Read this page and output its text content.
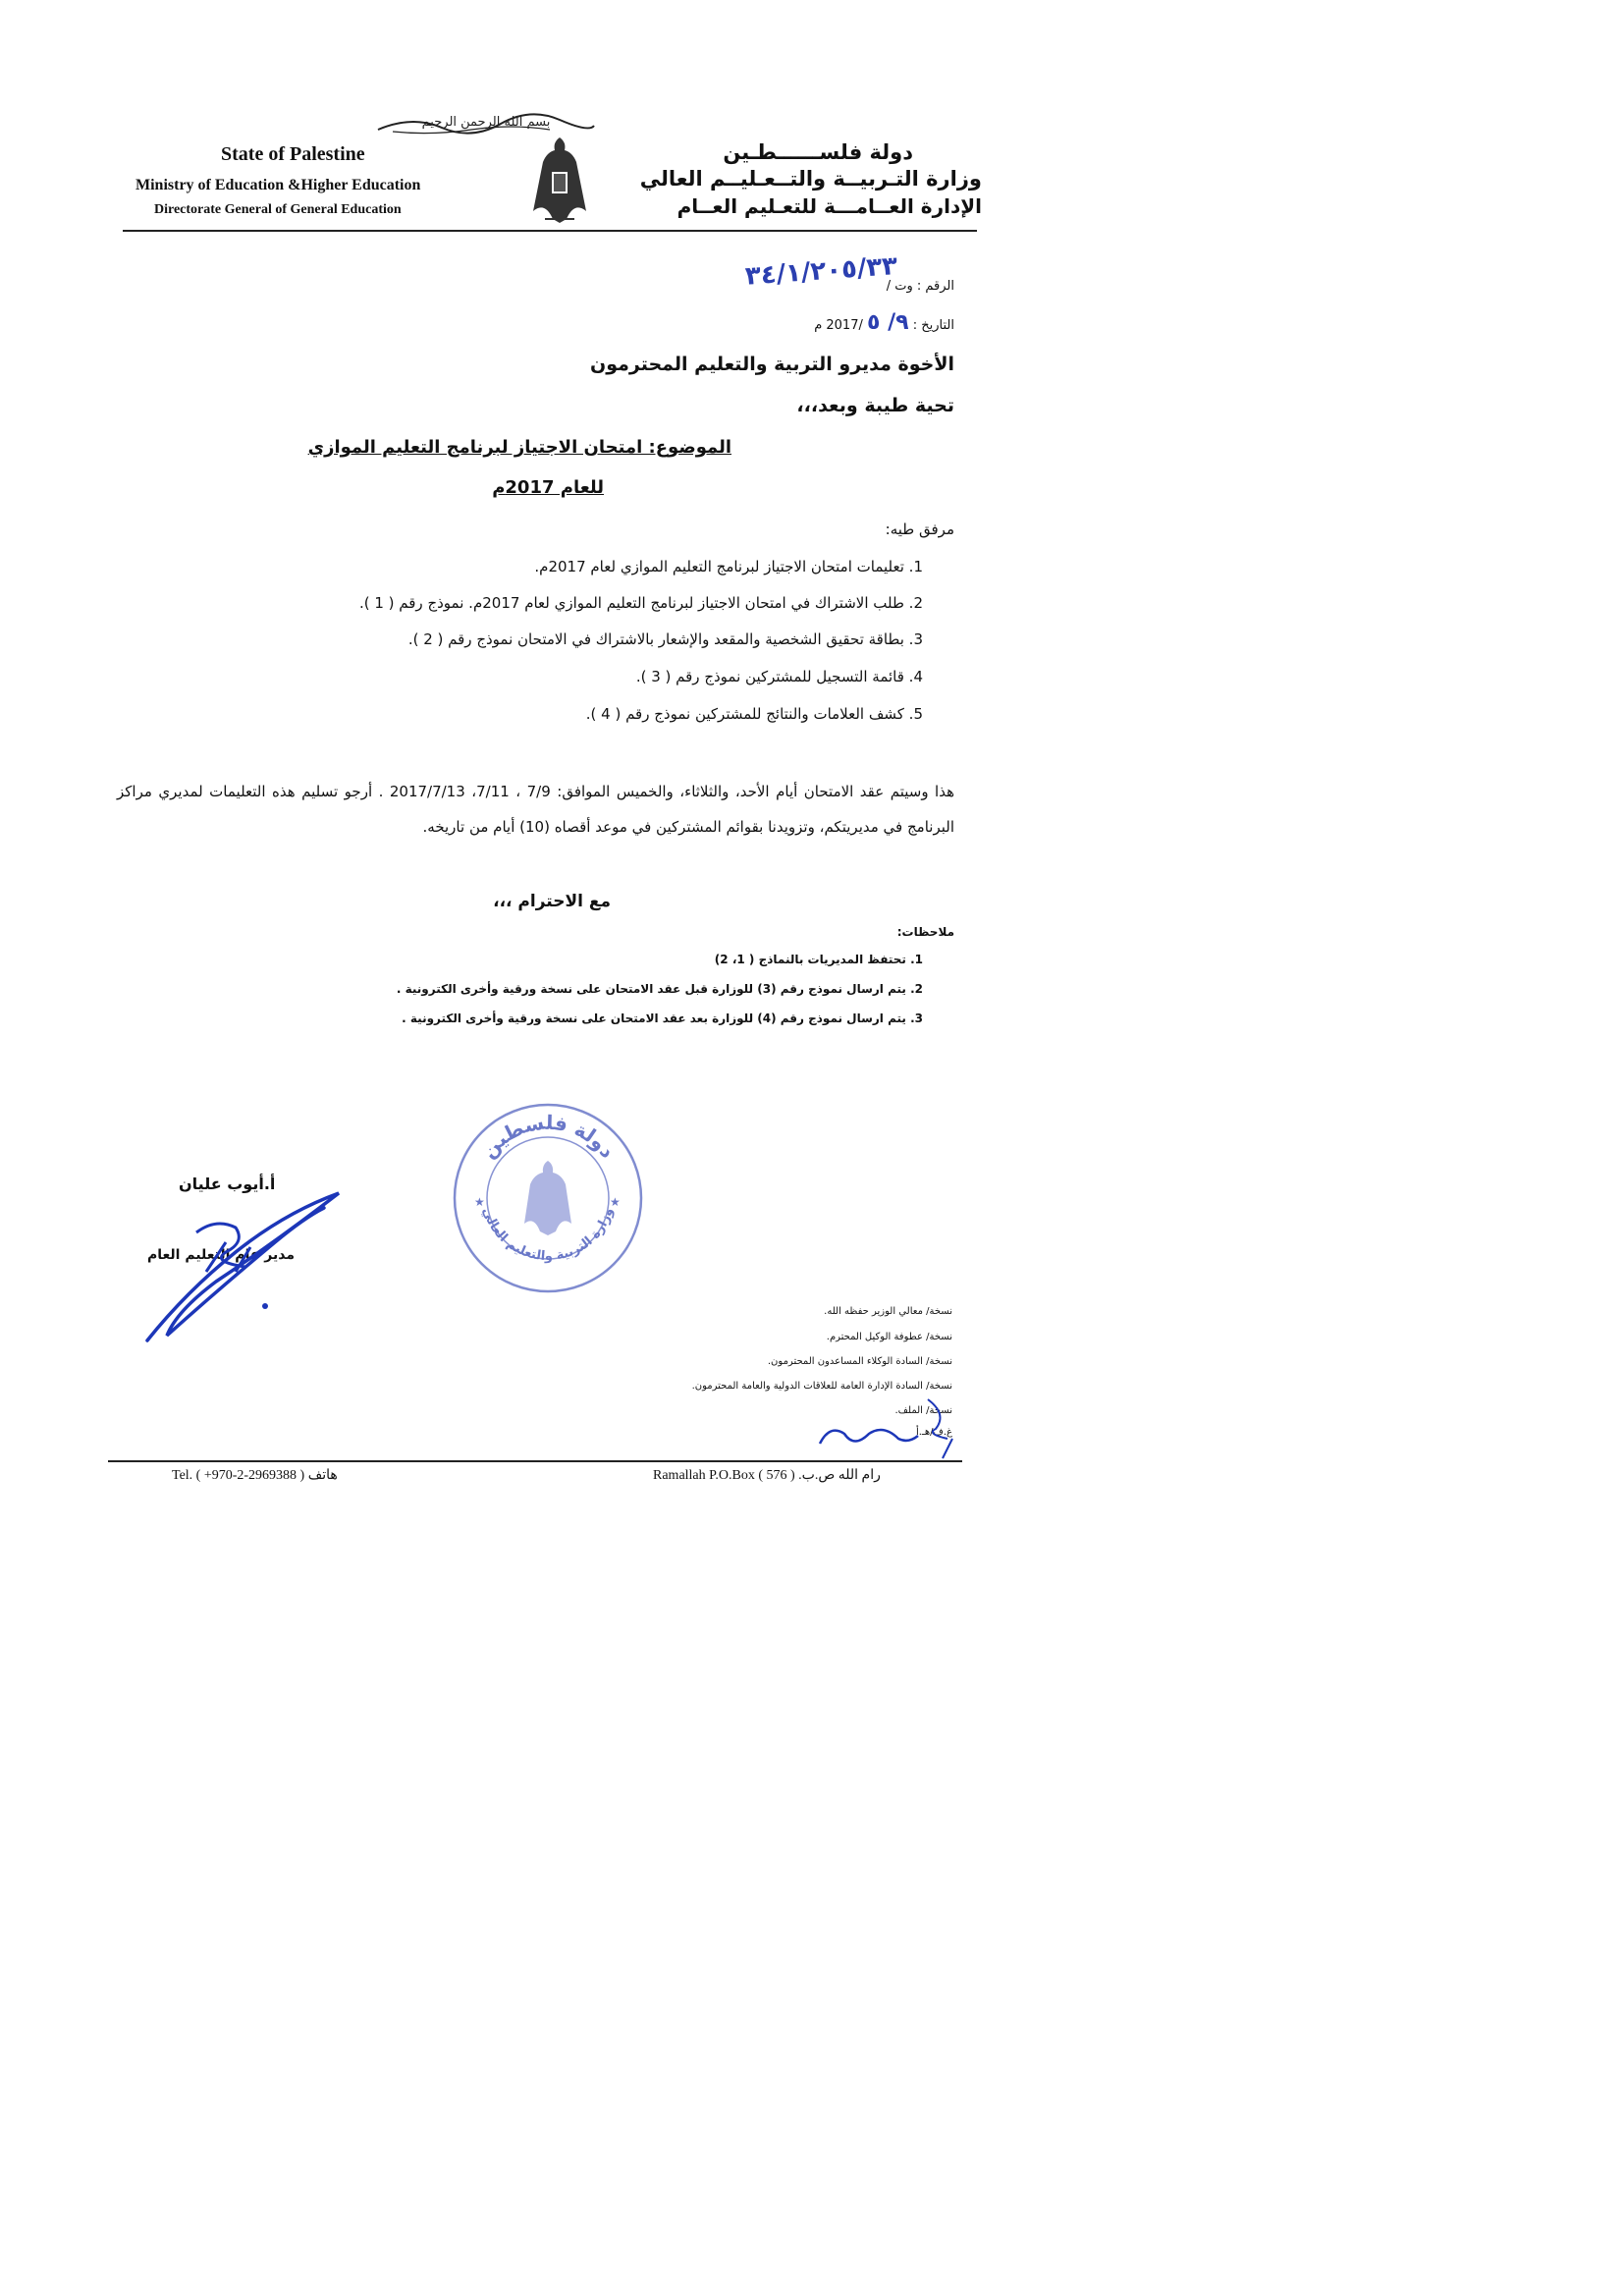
بسم الله الرحمن الرحيم
State of Palestine
Ministry of Education &Higher Education
Directorate General of General Education
دولة فلســــــطـين
وزارة التـربيــة والتــعـليــم العالي
الإدارة العــامـــة للتعـليم العــام
الرقم : وت /
٣٤/١/٢٠٥/٣٣
التاريخ : ٩/ ٥ /2017 م
الأخوة مديرو التربية والتعليم المحترمون
تحية طيبة وبعد،،،
الموضوع: امتحان الاجتياز لبرنامج التعليم الموازي
للعام 2017م
مرفق طيه:
1. تعليمات امتحان الاجتياز لبرنامج التعليم الموازي لعام 2017م.
2. طلب الاشتراك في امتحان الاجتياز لبرنامج التعليم الموازي لعام 2017م. نموذج رقم ( 1 ).
3. بطاقة تحقيق الشخصية والمقعد والإشعار بالاشتراك في الامتحان نموذج رقم ( 2 ).
4. قائمة التسجيل للمشتركين نموذج رقم ( 3 ).
5. كشف العلامات والنتائج للمشتركين نموذج رقم ( 4 ).
هذا وسيتم عقد الامتحان أيام الأحد، والثلاثاء، والخميس الموافق: 7/9 ، 7/11، 2017/7/13 . أرجو تسليم هذه التعليمات لمديري مراكز البرنامج في مديريتكم، وتزويدنا بقوائم المشتركين في موعد أقصاه (10) أيام من تاريخه.
مع الاحترام ،،،
ملاحظات:
1. تحتفظ المديريات بالنماذج ( 1، 2)
2. يتم ارسال نموذج رقم (3) للوزارة قبل عقد الامتحان على نسخة ورقية وأخرى الكترونية .
3. يتم ارسال نموذج رقم (4) للوزارة بعد عقد الامتحان على نسخة ورقية وأخرى الكترونية .
دولة فلسطين
وزارة التربية والتعليم العالي
★	★
أ.أيوب عليان
مدير عام التعليم العام
نسخة/ معالي الوزير حفظه الله.
نسخة/ عطوفة الوكيل المحترم.
نسخة/ السادة الوكلاء المساعدون المحترمون.
نسخة/ السادة الإدارة العامة للعلاقات الدولية والعامة المحترمون.
نسخة/ الملف.
غ.ف/هـ.أ
Tel. ( +970-2-2969388 ) هاتف	Ramallah P.O.Box ( 576 ) .رام الله ص.ب
